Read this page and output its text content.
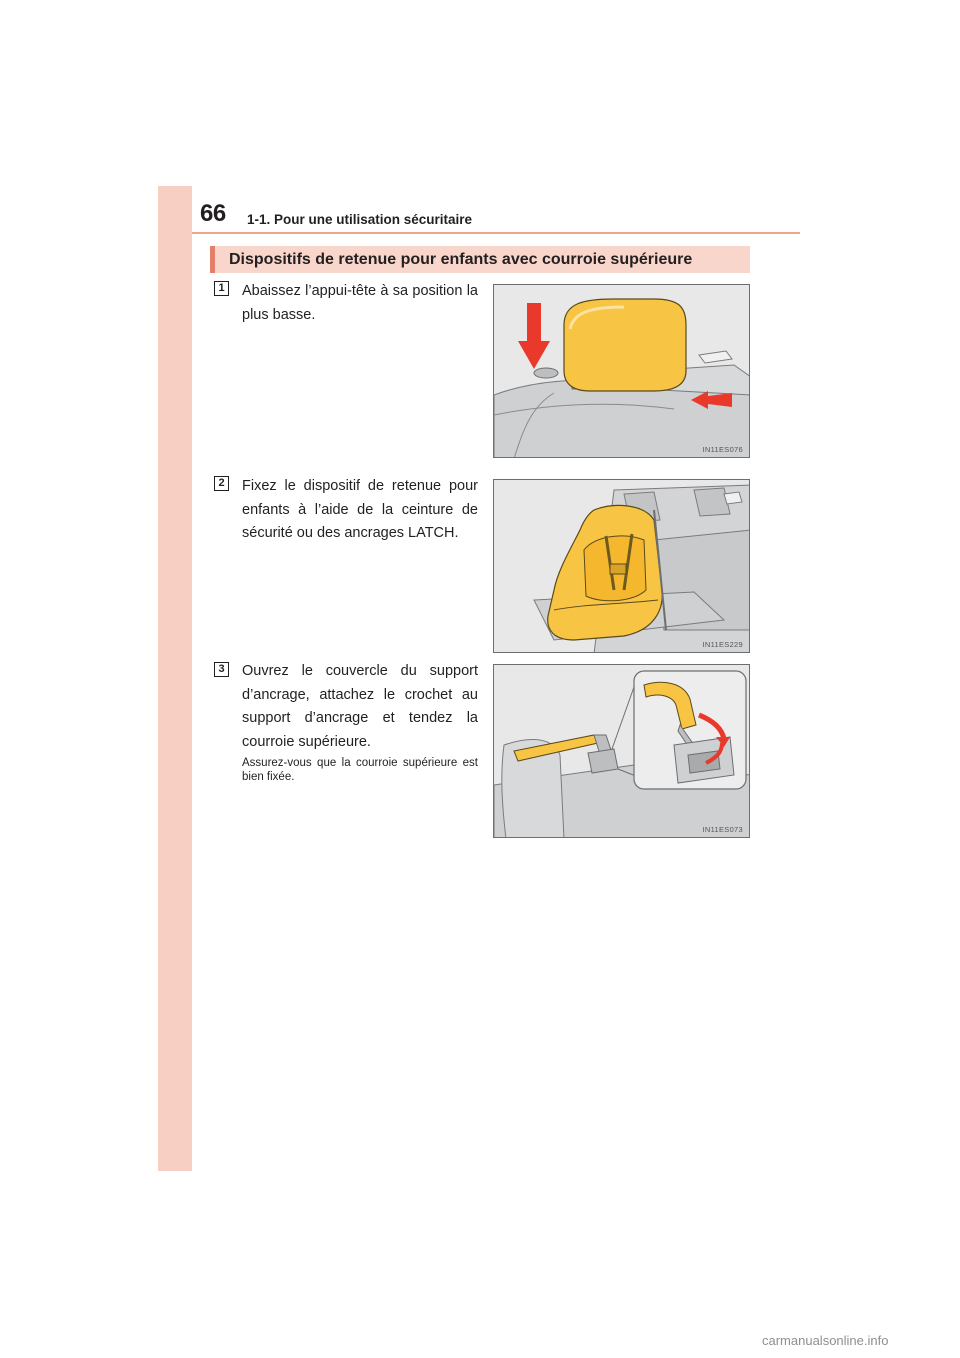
66 1-1. Pour une utilisation sécuritaire
Dispositifs de retenue pour enfants avec courroie supérieure
1	Abaissez l’appui-tête à sa position la plus basse.
IN11ES076
2	Fixez le dispositif de retenue pour enfants à l’aide de la ceinture de sécurité ou des ancrages LATCH.
IN11ES229
3	Ouvrez le couvercle du support d’ancrage, attachez le crochet au support d’ancrage et tendez la courroie supérieure.
Assurez-vous que la courroie supérieure est bien fixée.
IN11ES073
carmanualsonline.info
